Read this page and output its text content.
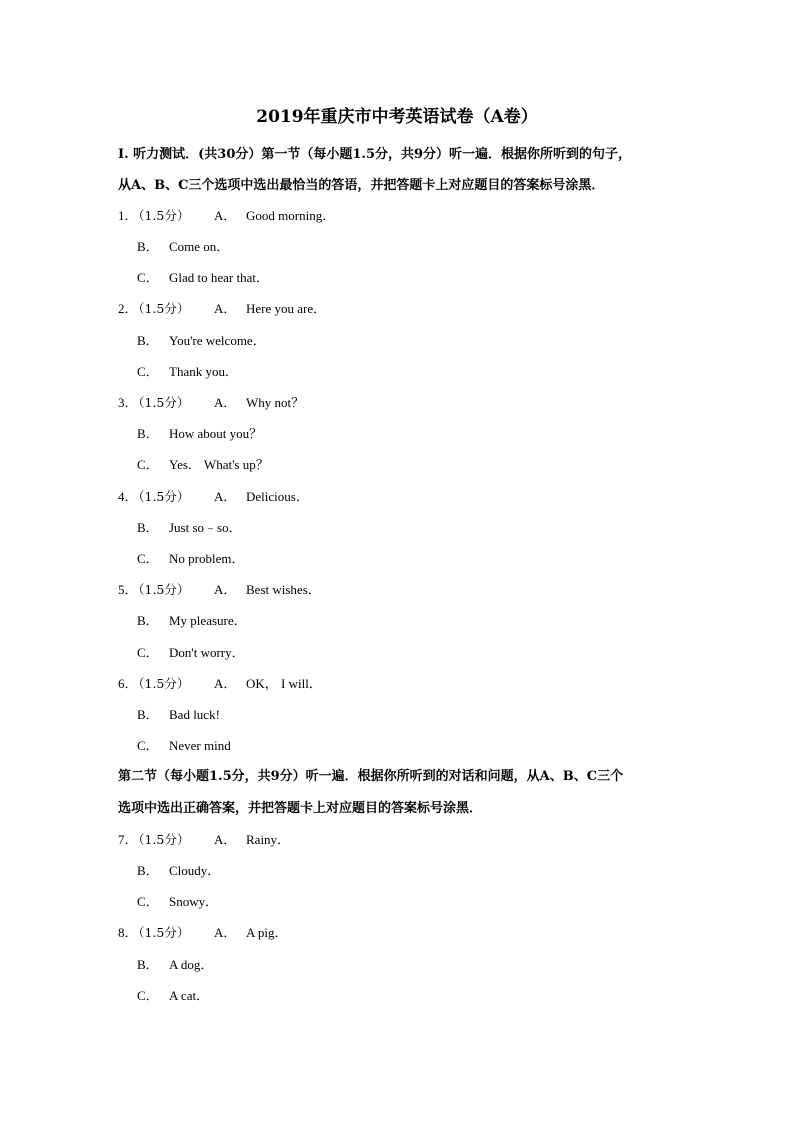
2019年重庆市中考英语试卷（A卷）
I. 听力测试．(共30分）第一节（每小题1.5分，共9分）听一遍．根据你所听到的句子，
从A、B、C三个选项中选出最恰当的答语，并把答题卡上对应题目的答案标号涂黑．
1．（1.5分） A． Good morning．
B． Come on．
C． Glad to hear that．
2．（1.5分） A． Here you are．
B． You're welcome．
C． Thank you．
3．（1.5分） A． Why not？
B． How about you？
C． Yes． What's up？
4．（1.5分） A． Delicious．
B． Just so﹣so．
C． No problem．
5．（1.5分） A． Best wishes．
B． My pleasure．
C． Don't worry．
6．（1.5分） A． OK， I will．
B． Bad luck!
C． Never mind
第二节（每小题1.5分，共9分）听一遍．根据你所听到的对话和问题，从A、B、C三个
选项中选出正确答案，并把答题卡上对应题目的答案标号涂黑．
7．（1.5分） A． Rainy．
B． Cloudy．
C． Snowy．
8．（1.5分） A． A pig．
B． A dog．
C． A cat．
